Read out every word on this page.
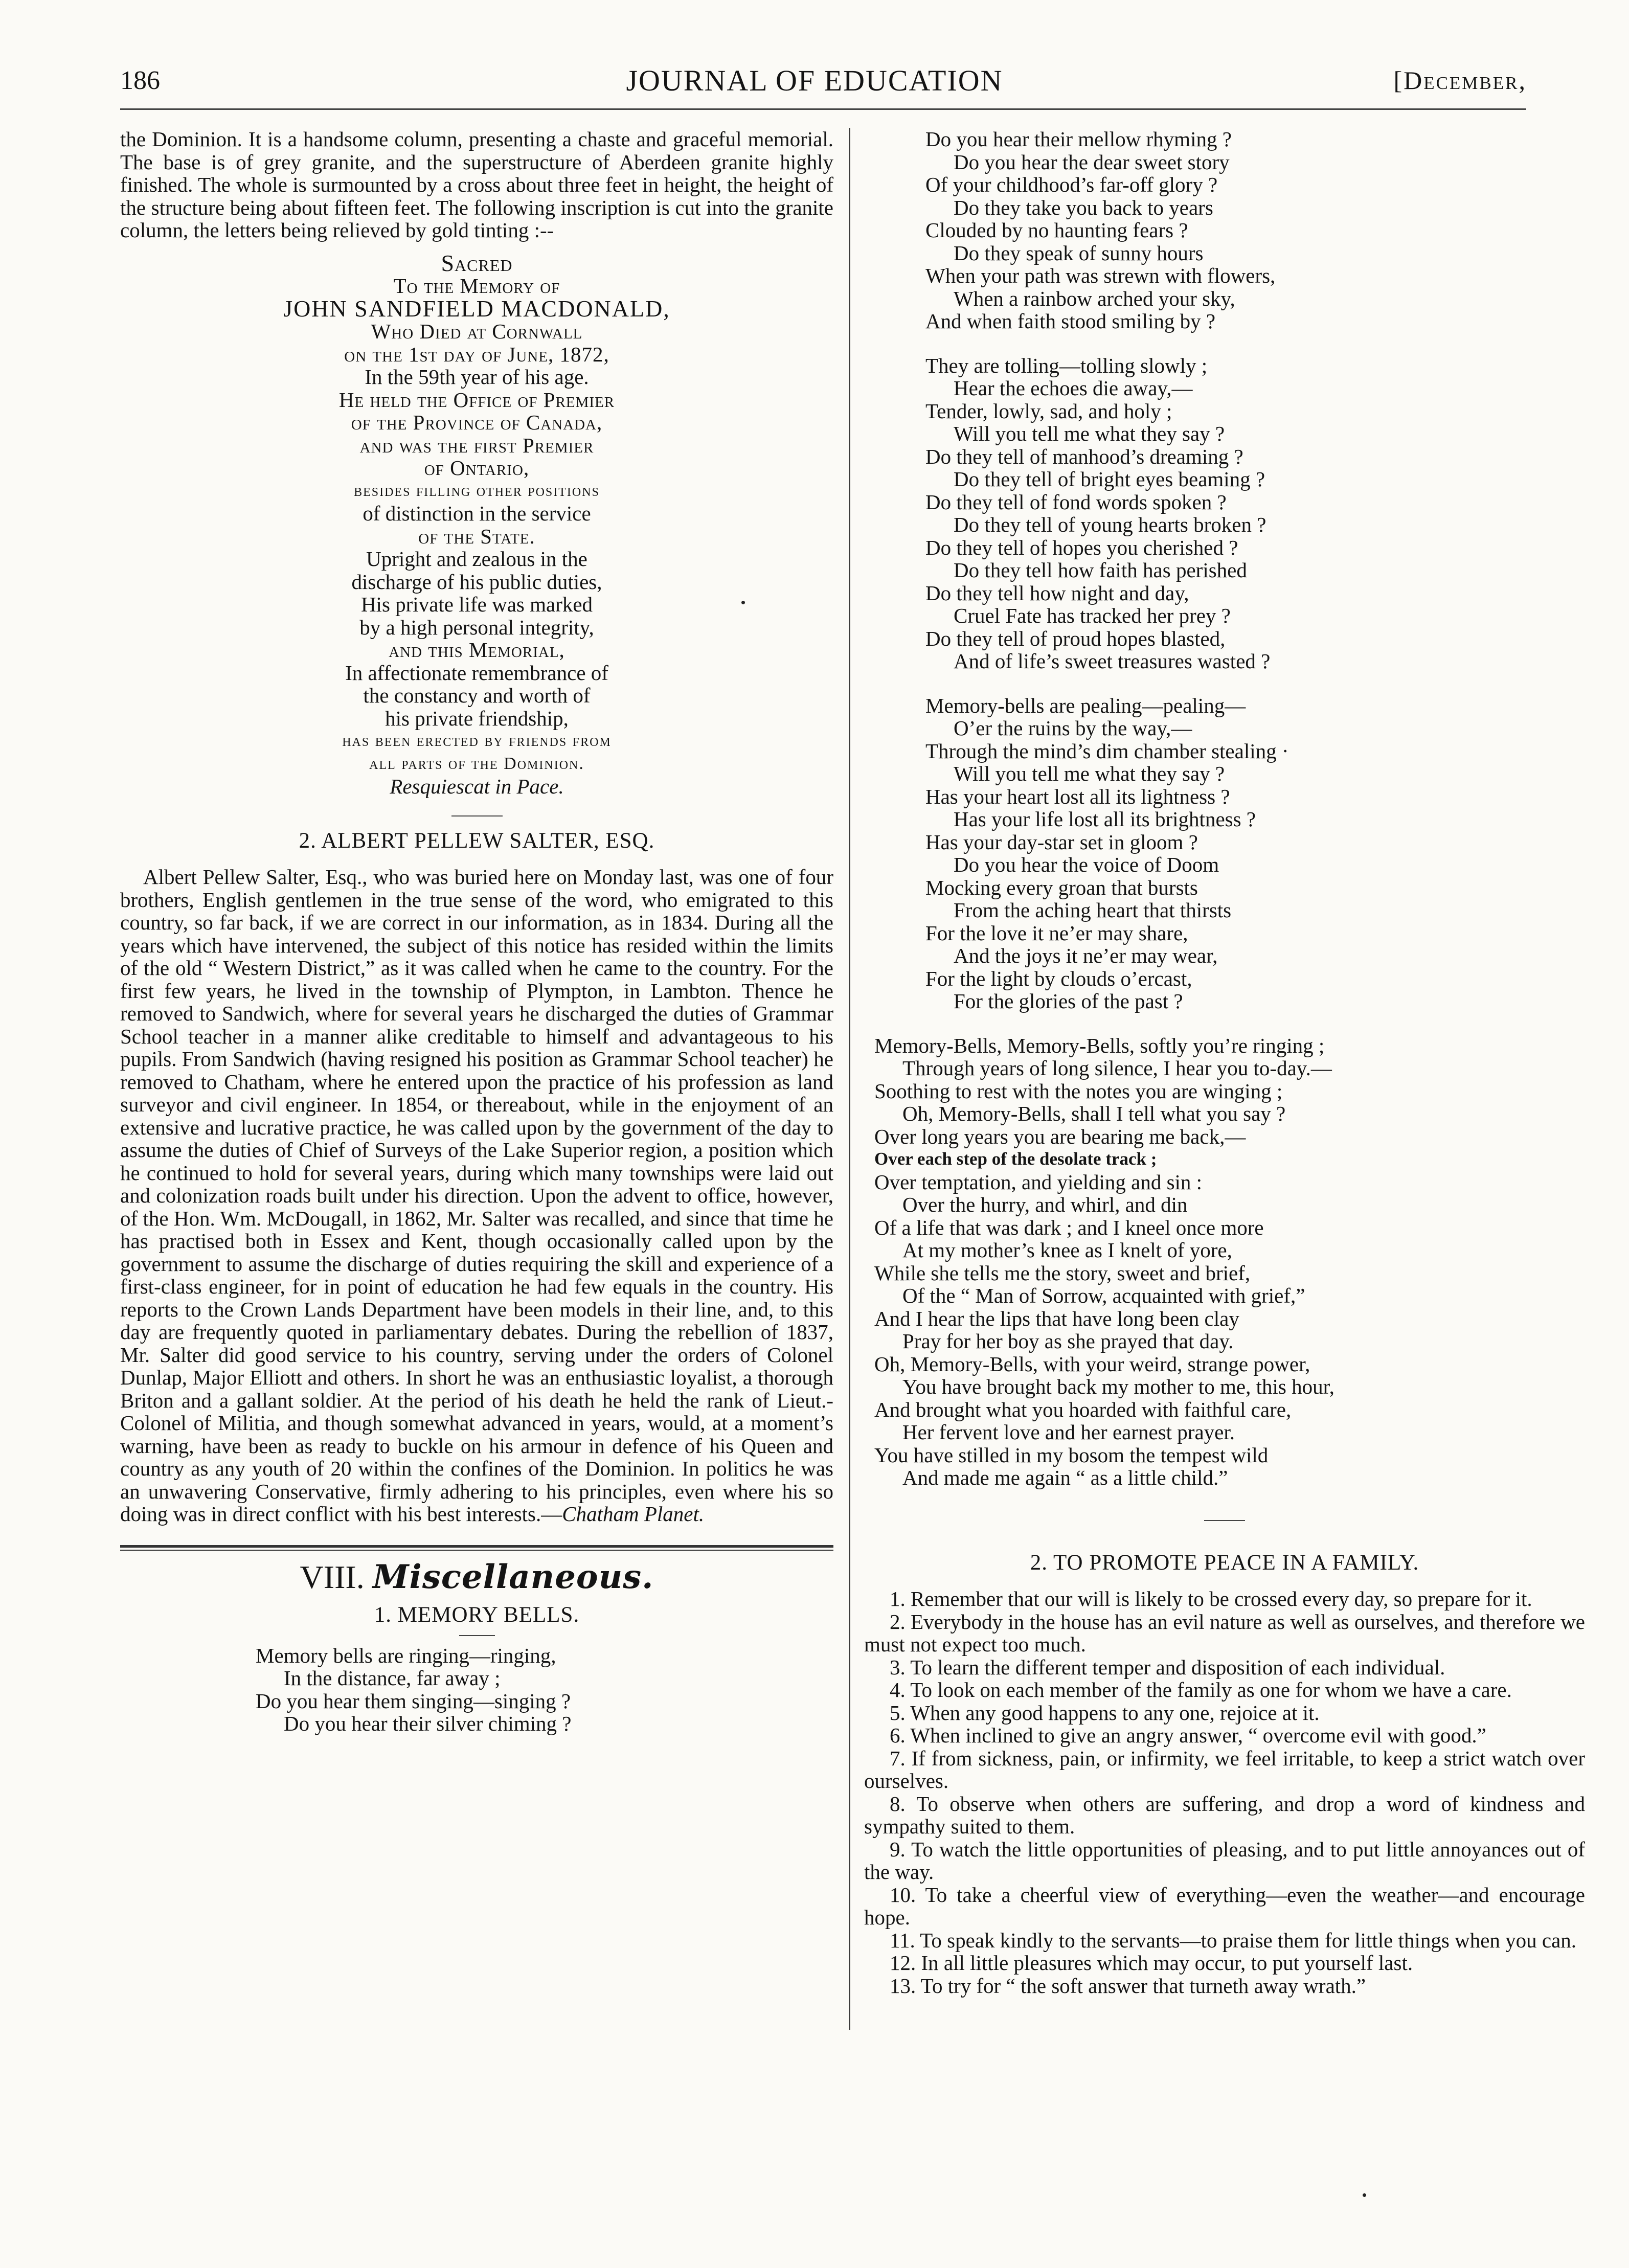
186	JOURNAL OF EDUCATION	[December,

the Dominion. It is a handsome column, presenting a chaste and graceful memorial. The base is of grey granite, and the superstructure of Aberdeen granite highly finished. The whole is surmounted by a cross about three feet in height, the height of the structure being about fifteen feet. The following inscription is cut into the granite column, the letters being relieved by gold tinting :--

Sacred
To the Memory of
JOHN SANDFIELD MACDONALD,
Who Died at Cornwall
on the 1st day of June, 1872,
In the 59th year of his age.
He held the Office of Premier
of the Province of Canada,
and was the first Premier
of Ontario,
besides filling other positions
of distinction in the service
of the State.
Upright and zealous in the
discharge of his public duties,
His private life was marked
by a high personal integrity,
and this Memorial,
In affectionate remembrance of
the constancy and worth of
his private friendship,
has been erected by friends from
all parts of the Dominion.
Resquiescat in Pace.
2. ALBERT PELLEW SALTER, ESQ.

Albert Pellew Salter, Esq., who was buried here on Monday last, was one of four brothers, English gentlemen in the true sense of the word, who emigrated to this country, so far back, if we are correct in our information, as in 1834. During all the years which have intervened, the subject of this notice has resided within the limits of the old “ Western District,” as it was called when he came to the country. For the first few years, he lived in the township of Plympton, in Lambton. Thence he removed to Sandwich, where for several years he discharged the duties of Grammar School teacher in a manner alike creditable to himself and advantageous to his pupils. From Sandwich (having resigned his position as Grammar School teacher) he removed to Chatham, where he entered upon the practice of his profession as land surveyor and civil engineer. In 1854, or thereabout, while in the enjoyment of an extensive and lucrative practice, he was called upon by the government of the day to assume the duties of Chief of Surveys of the Lake Superior region, a position which he continued to hold for several years, during which many townships were laid out and colonization roads built under his direction. Upon the advent to office, however, of the Hon. Wm. McDougall, in 1862, Mr. Salter was recalled, and since that time he has practised both in Essex and Kent, though occasionally called upon by the government to assume the discharge of duties requiring the skill and experience of a first-class engineer, for in point of education he had few equals in the country. His reports to the Crown Lands Department have been models in their line, and, to this day are frequently quoted in parliamentary debates. During the rebellion of 1837, Mr. Salter did good service to his country, serving under the orders of Colonel Dunlap, Major Elliott and others. In short he was an enthusiastic loyalist, a thorough Briton and a gallant soldier. At the period of his death he held the rank of Lieut.-Colonel of Militia, and though somewhat advanced in years, would, at a moment’s warning, have been as ready to buckle on his armour in defence of his Queen and country as any youth of 20 within the confines of the Dominion. In politics he was an unwavering Conservative, firmly adhering to his principles, even where his so doing was in direct conflict with his best interests.—Chatham Planet.

VIII. Miscellaneous.
1. MEMORY BELLS.
Memory bells are ringing—ringing,
In the distance, far away ;
Do you hear them singing—singing ?
Do you hear their silver chiming ?
Do you hear their mellow rhyming ?
Do you hear the dear sweet story
Of your childhood’s far-off glory ?
Do they take you back to years
Clouded by no haunting fears ?
Do they speak of sunny hours
When your path was strewn with flowers,
When a rainbow arched your sky,
And when faith stood smiling by ?
They are tolling—tolling slowly ;
Hear the echoes die away,—
Tender, lowly, sad, and holy ;
Will you tell me what they say ?
Do they tell of manhood’s dreaming ?
Do they tell of bright eyes beaming ?
Do they tell of fond words spoken ?
Do they tell of young hearts broken ?
Do they tell of hopes you cherished ?
Do they tell how faith has perished
Do they tell how night and day,
Cruel Fate has tracked her prey ?
Do they tell of proud hopes blasted,
And of life’s sweet treasures wasted ?
Memory-bells are pealing—pealing—
O’er the ruins by the way,—
Through the mind’s dim chamber stealing ·
Will you tell me what they say ?
Has your heart lost all its lightness ?
Has your life lost all its brightness ?
Has your day-star set in gloom ?
Do you hear the voice of Doom
Mocking every groan that bursts
From the aching heart that thirsts
For the love it ne’er may share,
And the joys it ne’er may wear,
For the light by clouds o’ercast,
For the glories of the past ?
Memory-Bells, Memory-Bells, softly you’re ringing ;
Through years of long silence, I hear you to-day.—
Soothing to rest with the notes you are winging ;
Oh, Memory-Bells, shall I tell what you say ?
Over long years you are bearing me back,—
Over each step of the desolate track ;
Over temptation, and yielding and sin :
Over the hurry, and whirl, and din
Of a life that was dark ; and I kneel once more
At my mother’s knee as I knelt of yore,
While she tells me the story, sweet and brief,
Of the “ Man of Sorrow, acquainted with grief,”
And I hear the lips that have long been clay
Pray for her boy as she prayed that day.
Oh, Memory-Bells, with your weird, strange power,
You have brought back my mother to me, this hour,
And brought what you hoarded with faithful care,
Her fervent love and her earnest prayer.
You have stilled in my bosom the tempest wild
And made me again “ as a little child.”
2. TO PROMOTE PEACE IN A FAMILY.

1. Remember that our will is likely to be crossed every day, so prepare for it.

2. Everybody in the house has an evil nature as well as ourselves, and therefore we must not expect too much.

3. To learn the different temper and disposition of each individual.

4. To look on each member of the family as one for whom we have a care.

5. When any good happens to any one, rejoice at it.

6. When inclined to give an angry answer, “ overcome evil with good.”

7. If from sickness, pain, or infirmity, we feel irritable, to keep a strict watch over ourselves.

8. To observe when others are suffering, and drop a word of kindness and sympathy suited to them.

9. To watch the little opportunities of pleasing, and to put little annoyances out of the way.

10. To take a cheerful view of everything—even the weather—and encourage hope.

11. To speak kindly to the servants—to praise them for little things when you can.

12. In all little pleasures which may occur, to put yourself last.

13. To try for “ the soft answer that turneth away wrath.”
